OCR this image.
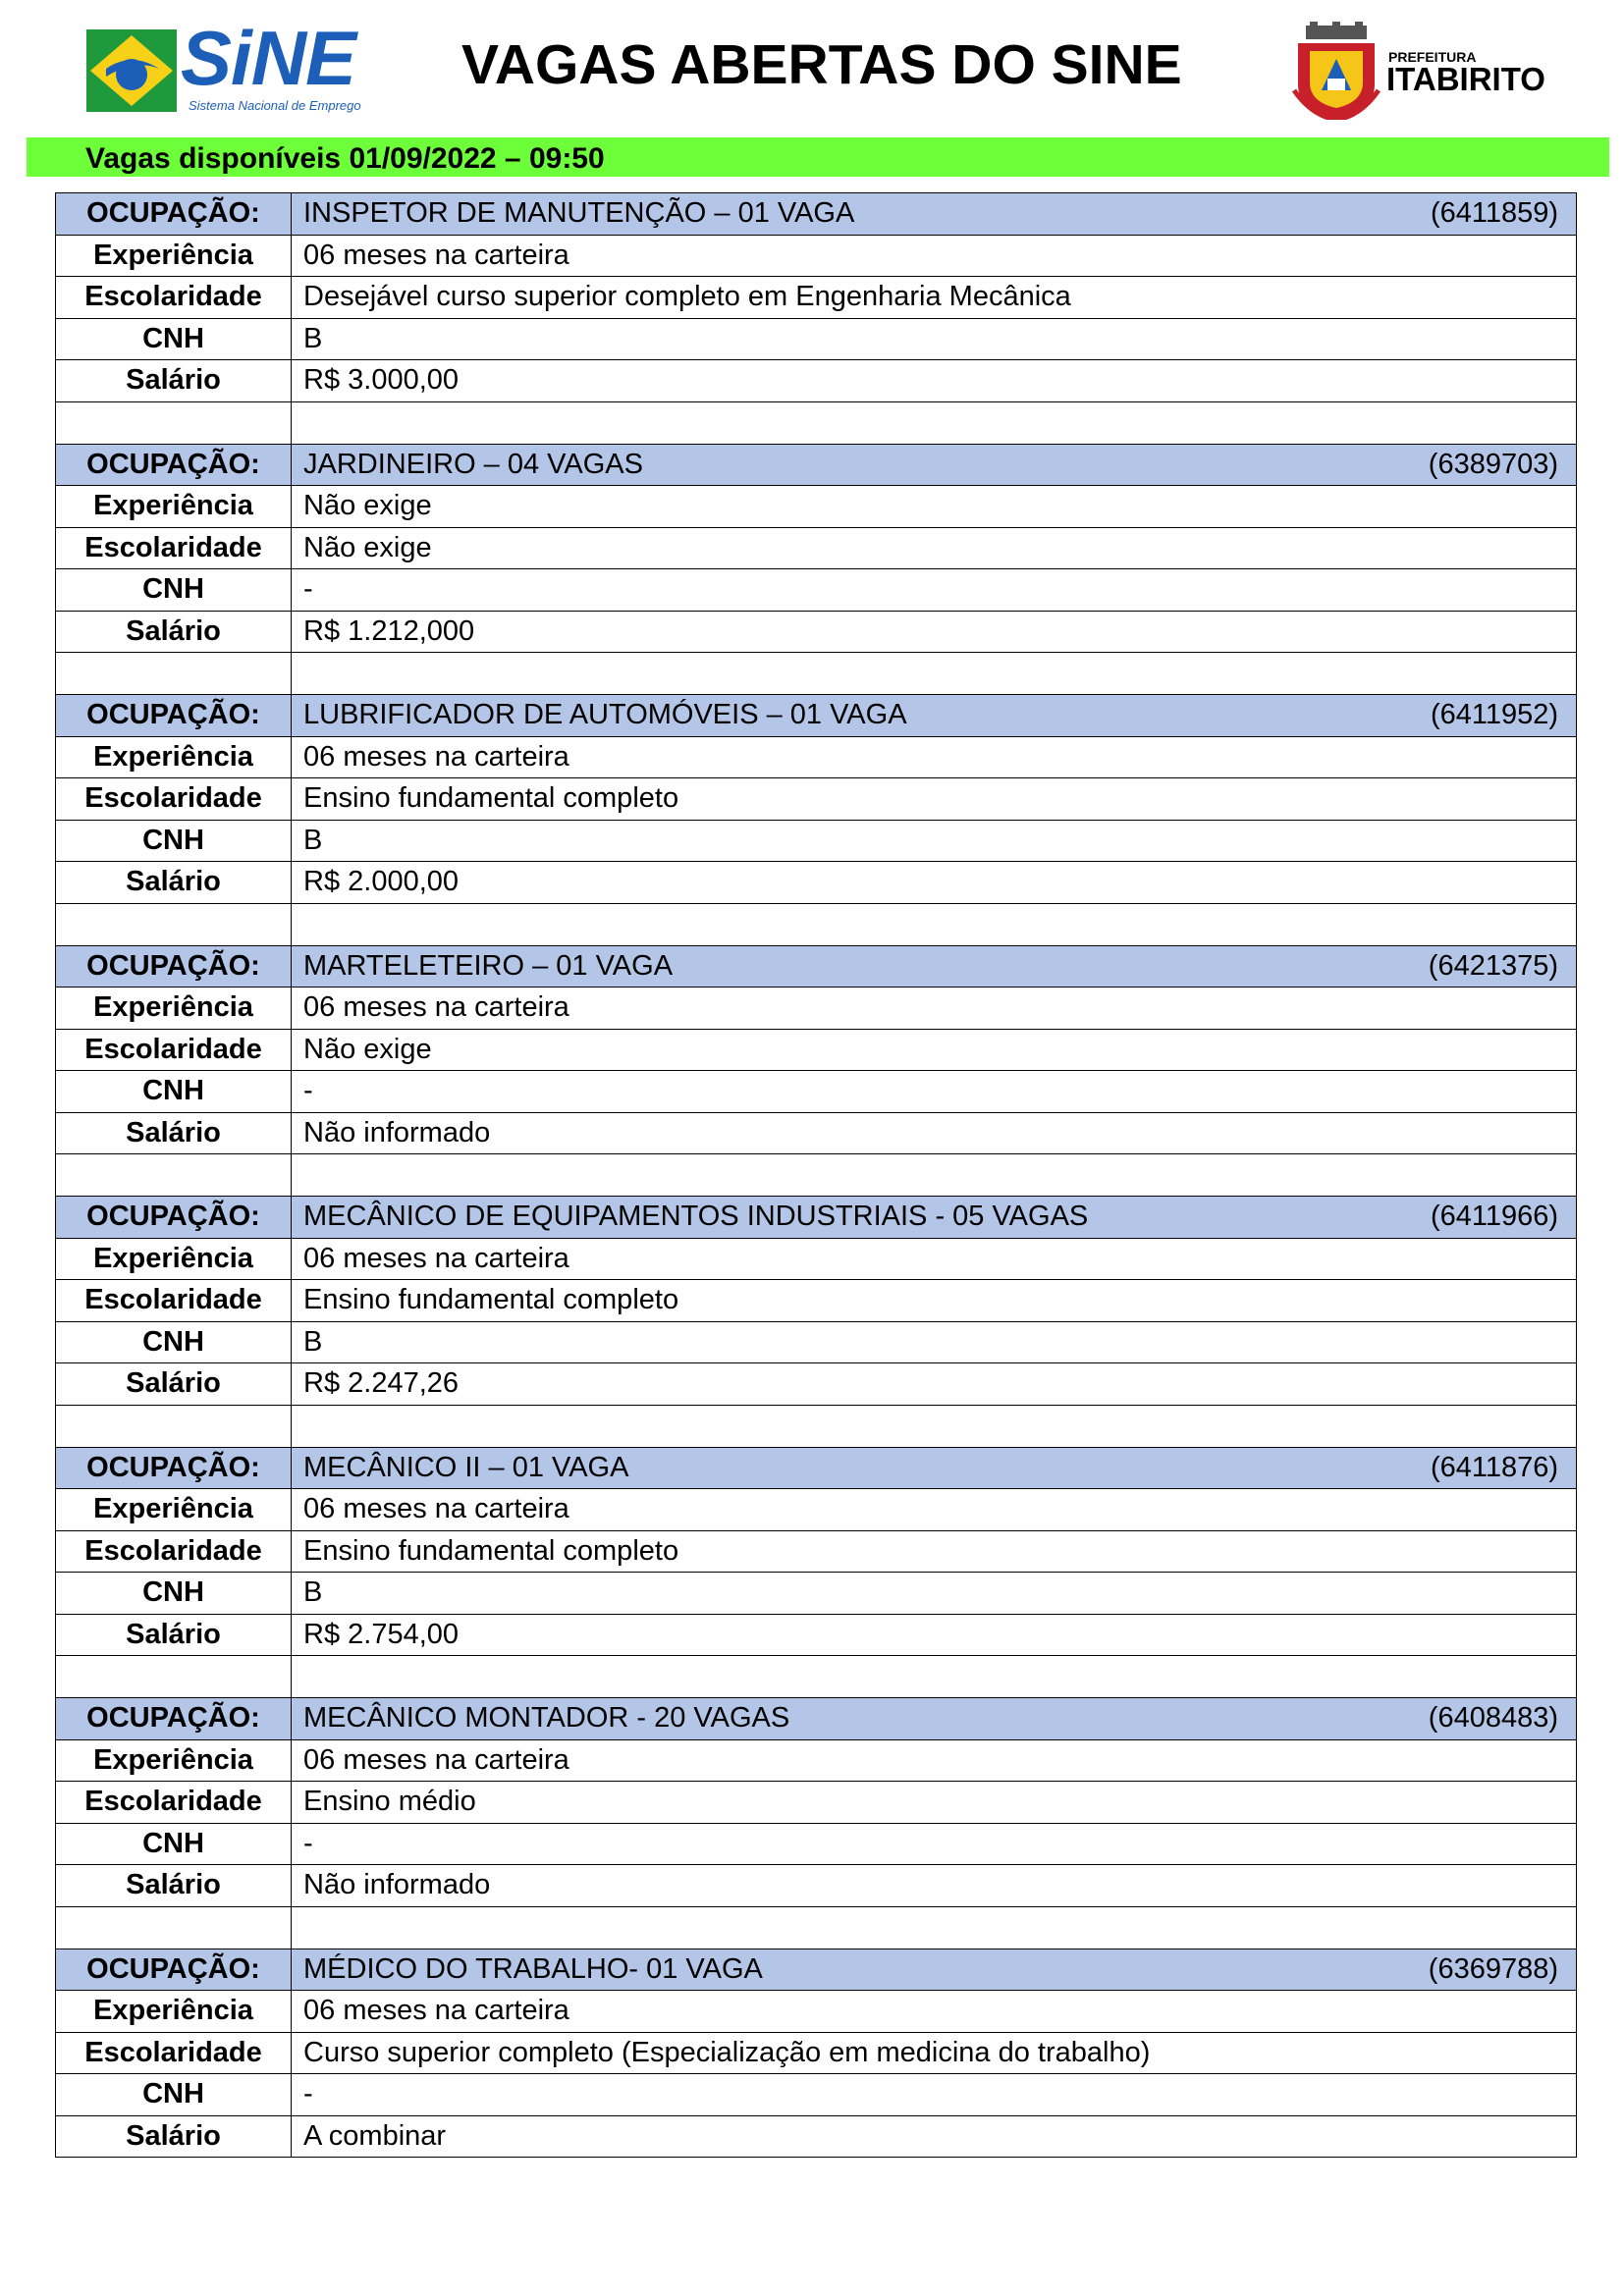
SiNE
Sistema Nacional de Emprego
VAGAS ABERTAS DO SINE	PREFEITURA
ITABIRITO
Vagas disponíveis 01/09/2022 – 09:50
OCUPAÇÃO:	INSPETOR DE MANUTENÇÃO – 01 VAGA (6411859)

Experiência	06 meses na carteira
Escolaridade	Desejável curso superior completo em Engenharia Mecânica
CNH	B
Salário	R$ 3.000,00

OCUPAÇÃO:	JARDINEIRO – 04 VAGAS (6389703)

Experiência	Não exige
Escolaridade	Não exige
CNH	-
Salário	R$ 1.212,000

OCUPAÇÃO:	LUBRIFICADOR DE AUTOMÓVEIS – 01 VAGA (6411952)

Experiência	06 meses na carteira
Escolaridade	Ensino fundamental completo
CNH	B
Salário	R$ 2.000,00

OCUPAÇÃO:	MARTELETEIRO – 01 VAGA (6421375)

Experiência	06 meses na carteira
Escolaridade	Não exige
CNH	-
Salário	Não informado

OCUPAÇÃO:	MECÂNICO DE EQUIPAMENTOS INDUSTRIAIS - 05 VAGAS (6411966)

Experiência	06 meses na carteira
Escolaridade	Ensino fundamental completo
CNH	B
Salário	R$ 2.247,26

OCUPAÇÃO:	MECÂNICO II – 01 VAGA (6411876)

Experiência	06 meses na carteira
Escolaridade	Ensino fundamental completo
CNH	B
Salário	R$ 2.754,00

OCUPAÇÃO:	MECÂNICO MONTADOR - 20 VAGAS (6408483)

Experiência	06 meses na carteira
Escolaridade	Ensino médio
CNH	-
Salário	Não informado

OCUPAÇÃO:	MÉDICO DO TRABALHO- 01 VAGA (6369788)

Experiência	06 meses na carteira
Escolaridade	Curso superior completo (Especialização em medicina do trabalho)
CNH	-
Salário	A combinar
